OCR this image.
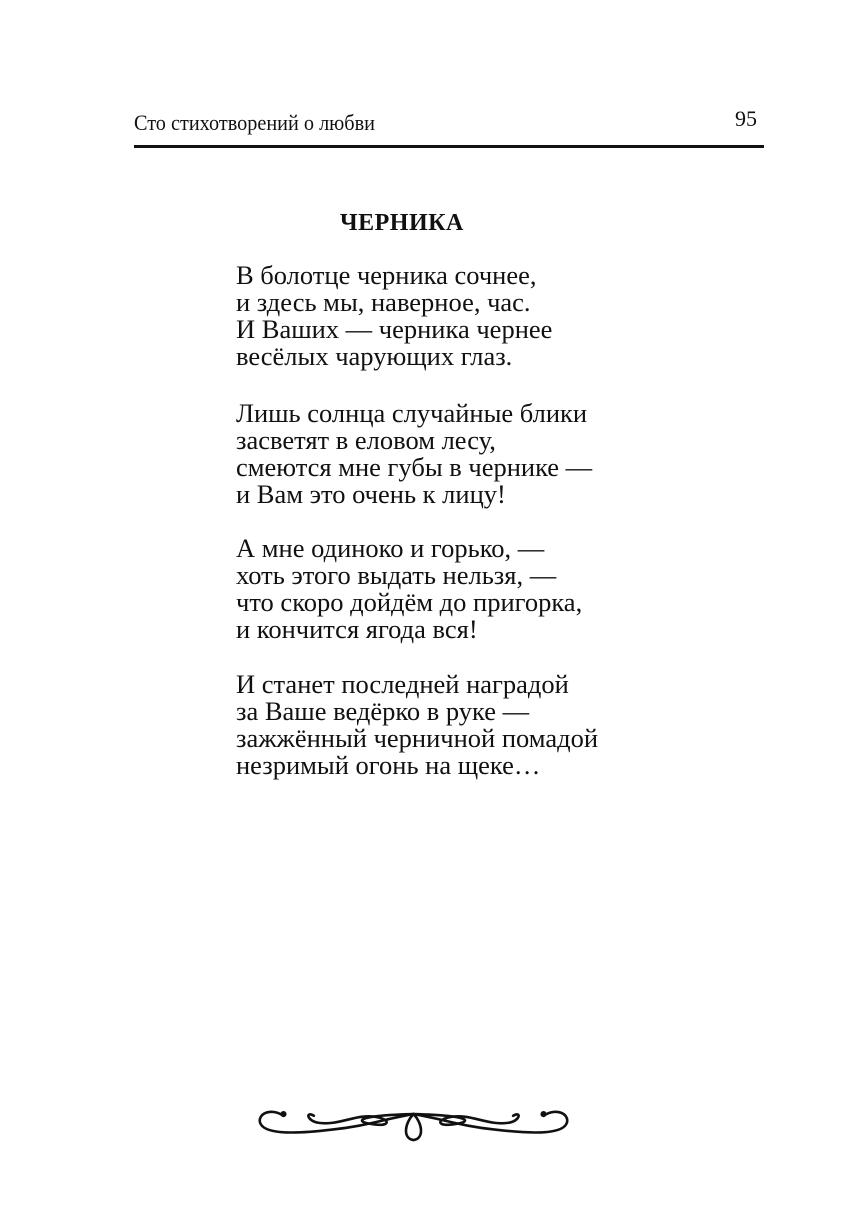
Сто стихотворений о любви	95
ЧЕРНИКА
В болотце черника сочнее,
и здесь мы, наверное, час.
И Ваших — черника чернее
весёлых чарующих глаз.
Лишь солнца случайные блики
засветят в еловом лесу,
смеются мне губы в чернике —
и Вам это очень к лицу!
А мне одиноко и горько, —
хоть этого выдать нельзя, —
что скоро дойдём до пригорка,
и кончится ягода вся!
И станет последней наградой
за Ваше ведёрко в руке —
зажжённый черничной помадой
незримый огонь на щеке…
